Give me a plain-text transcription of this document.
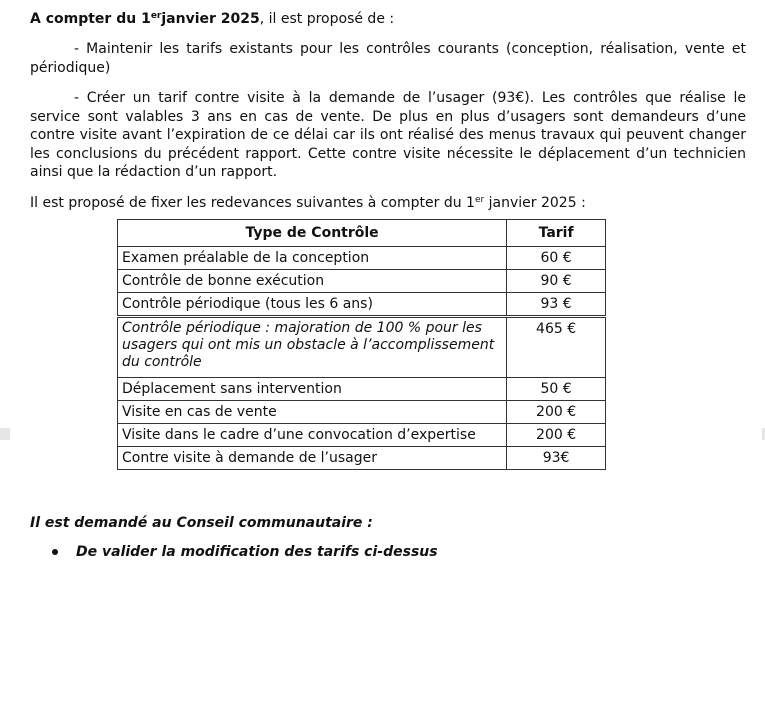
A compter du 1erjanvier 2025, il est proposé de :
- Maintenir les tarifs existants pour les contrôles courants (conception, réalisation, vente et périodique)
- Créer un tarif contre visite à la demande de l’usager (93€). Les contrôles que réalise le service sont valables 3 ans en cas de vente. De plus en plus d’usagers sont demandeurs d’une contre visite avant l’expiration de ce délai car ils ont réalisé des menus travaux qui peuvent changer les conclusions du précédent rapport. Cette contre visite nécessite le déplacement d’un technicien ainsi que la rédaction d’un rapport.
Il est proposé de fixer les redevances suivantes à compter du 1er janvier 2025 :
Type de Contrôle	Tarif
Examen préalable de la conception	60 €
Contrôle de bonne exécution	90 €
Contrôle périodique (tous les 6 ans)	93 €
Contrôle périodique : majoration de 100 % pour les usagers qui ont mis un obstacle à l’accomplissement du contrôle	465 €
Déplacement sans intervention	50 €
Visite en cas de vente	200 €
Visite dans le cadre d’une convocation d’expertise	200 €
Contre visite à demande de l’usager	93€
Il est demandé au Conseil communautaire :
De valider la modification des tarifs ci-dessus
